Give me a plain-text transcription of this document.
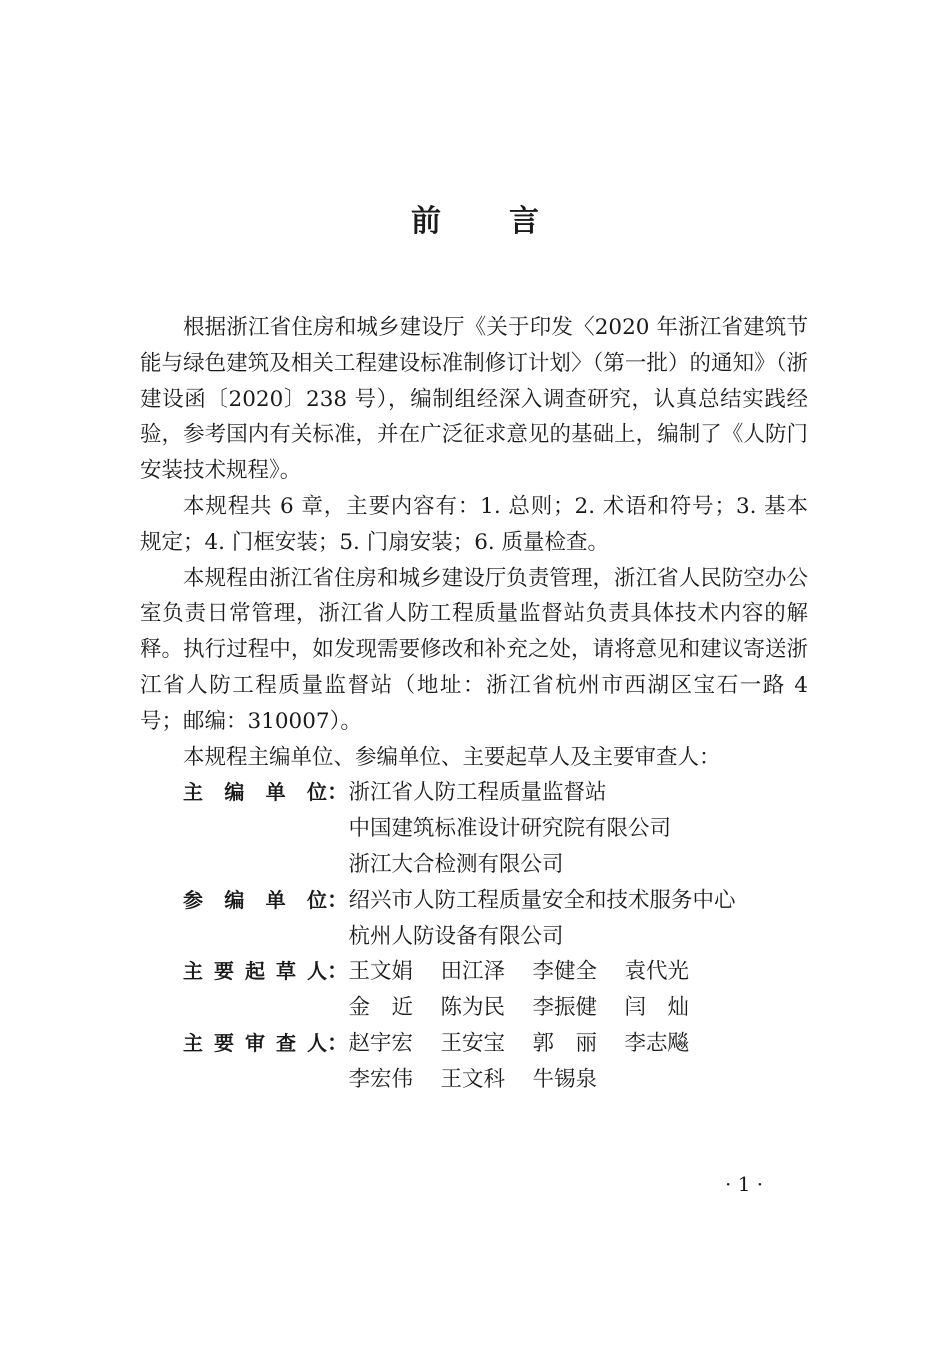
前言

根据浙江省住房和城乡建设厅《关于印发〈2020 年浙江省建筑节能与绿色建筑及相关工程建设标准制修订计划〉（第一批）的通知》（浙建设函〔2020〕238 号），编制组经深入调查研究，认真总结实践经验，参考国内有关标准，并在广泛征求意见的基础上，编制了《人防门安装技术规程》。

本规程共 6 章，主要内容有：1. 总则；2. 术语和符号；3. 基本规定；4. 门框安装；5. 门扇安装；6. 质量检查。

本规程由浙江省住房和城乡建设厅负责管理，浙江省人民防空办公室负责日常管理，浙江省人防工程质量监督站负责具体技术内容的解释。执行过程中，如发现需要修改和补充之处，请将意见和建议寄送浙江省人防工程质量监督站（地址：浙江省杭州市西湖区宝石一路 4 号；邮编：310007）。

本规程主编单位、参编单位、主要起草人及主要审查人：

主编单位 ： 浙江省人防工程质量监督站
中国建筑标准设计研究院有限公司
浙江大合检测有限公司
参编单位 ： 绍兴市人防工程质量安全和技术服务中心
杭州人防设备有限公司
主要起草人 ： 王文娟	田江泽	李健全	袁代光
金近 陈为民	李振健	闫灿
主要审查人 ： 赵宇宏	王安宝	郭丽 李志飚
李宏伟	王文科	牛锡泉
· 1 ·
